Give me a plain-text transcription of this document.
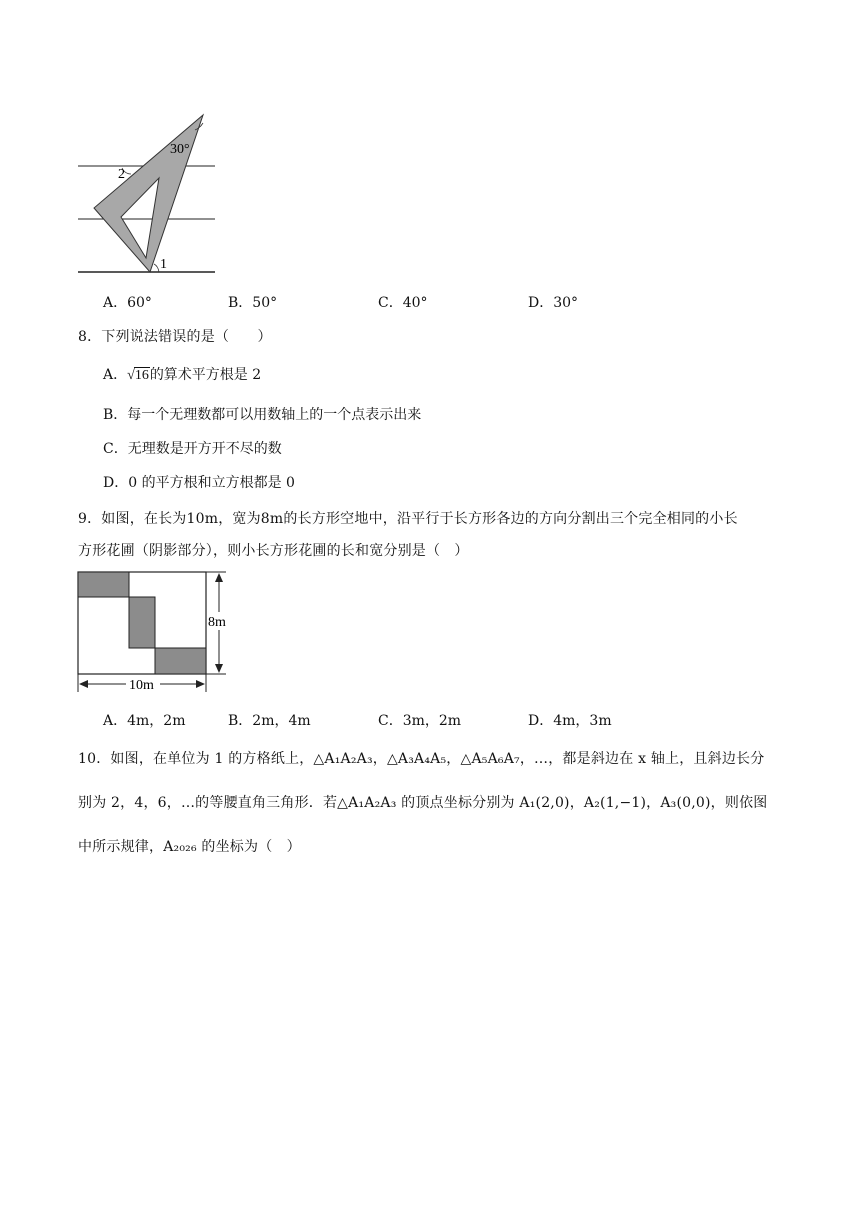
30°
2
1
A．60°	B．50°	C．40°	D．30°
8．下列说法错误的是（　　）
A．√16的算术平方根是 2
B．每一个无理数都可以用数轴上的一个点表示出来
C．无理数是开方开不尽的数
D．0 的平方根和立方根都是 0
9．如图，在长为10m，宽为8m的长方形空地中，沿平行于长方形各边的方向分割出三个完全相同的小长
方形花圃（阴影部分），则小长方形花圃的长和宽分别是（　）
8m
10m
A．4m，2m	B．2m，4m	C．3m，2m	D．4m，3m
10．如图，在单位为 1 的方格纸上，△A₁A₂A₃，△A₃A₄A₅，△A₅A₆A₇，…，都是斜边在 x 轴上，且斜边长分
别为 2，4，6，…的等腰直角三角形．若△A₁A₂A₃ 的顶点坐标分别为 A₁(2,0)，A₂(1,−1)，A₃(0,0)，则依图
中所示规律，A₂₀₂₆ 的坐标为（　）
